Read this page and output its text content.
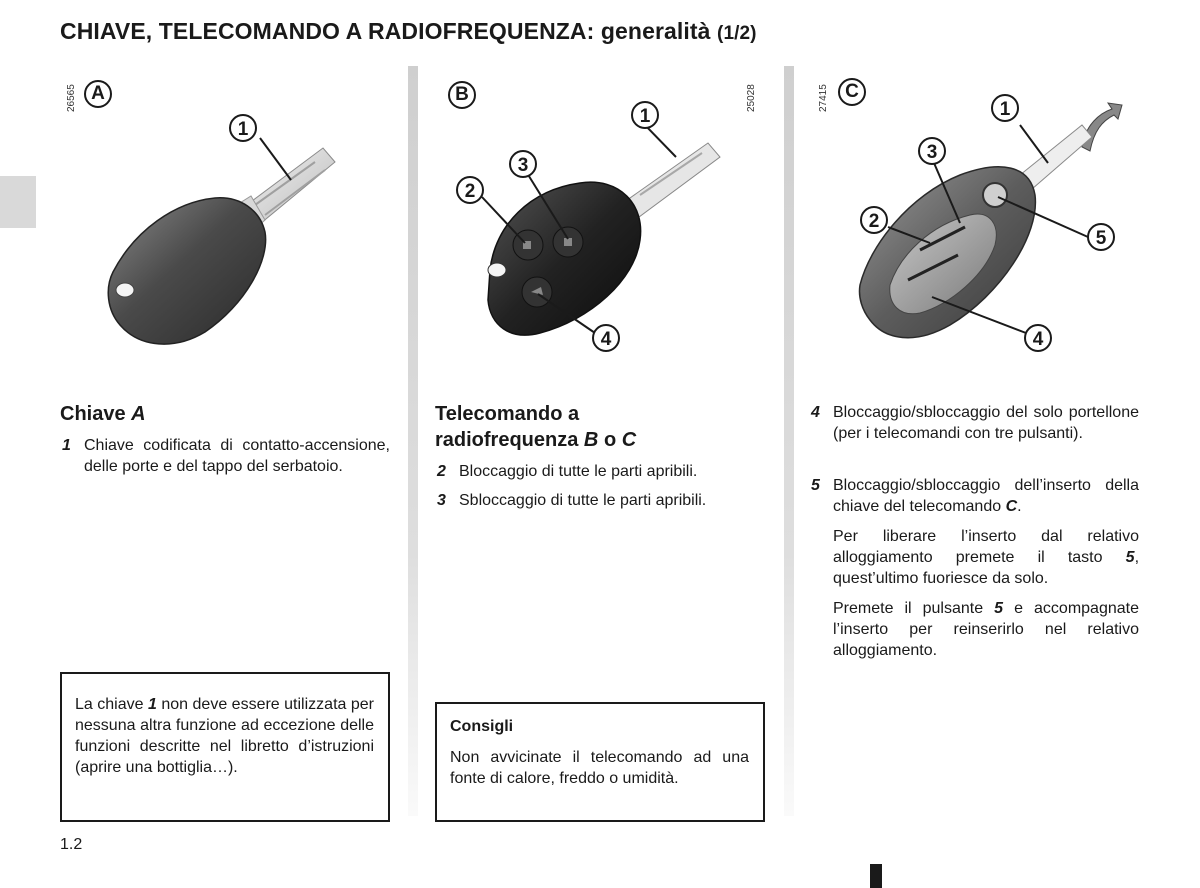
CHIAVE, TELECOMANDO A RADIOFREQUENZA: generalità (1/2)
26565 A	B	25028	27415 C
1
1
2
3
4
1
2
3
4
5
Chiave A
1 Chiave codificata di contatto-accensione, delle porte e del tappo del serbatoio.
La chiave 1 non deve essere utilizzata per nessuna altra funzione ad eccezione delle funzioni descritte nel libretto d’istruzioni (aprire una bottiglia…).
Telecomando a
radiofrequenza B o C
2 Bloccaggio di tutte le parti apribili.
3 Sbloccaggio di tutte le parti apribili.
Consigli
Non avvicinate il telecomando ad una fonte di calore, freddo o umidità.
4 Bloccaggio/sbloccaggio del solo portellone (per i telecomandi con tre pulsanti).
5 Bloccaggio/sbloccaggio dell’inserto della chiave del telecomando C.
Per liberare l’inserto dal relativo alloggiamento premete il tasto 5, quest’ultimo fuoriesce da solo.
Premete il pulsante 5 e accompagnate l’inserto per reinserirlo nel relativo alloggiamento.
1.2
